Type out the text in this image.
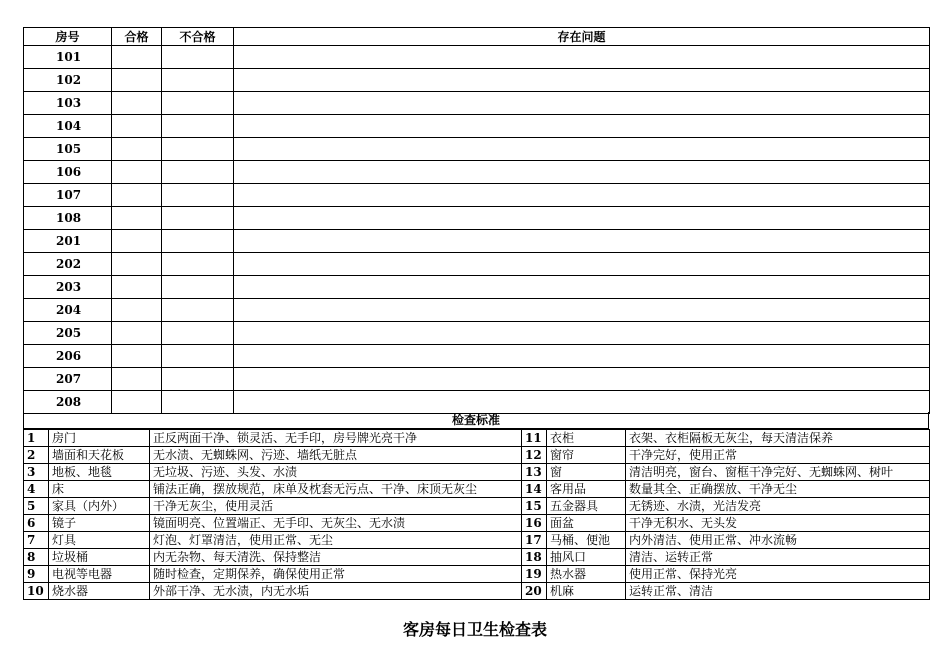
房号	合格	不合格	存在问题
101			
102			
103			
104			
105			
106			
107			
108			
201			
202			
203			
204			
205			
206			
207			
208			
检查标准
1	房门	正反两面干净、锁灵活、无手印，房号牌光亮干净	11	衣柜	衣架、衣柜隔板无灰尘，每天清洁保养
2	墙面和天花板	无水渍、无蜘蛛网、污迹、墙纸无脏点	12	窗帘	干净完好，使用正常
3	地板、地毯	无垃圾、污迹、头发、水渍	13	窗	清洁明亮，窗台、窗框干净完好、无蜘蛛网、树叶
4	床	铺法正确，摆放规范，床单及枕套无污点、干净、床顶无灰尘	14	客用品	数量其全、正确摆放、干净无尘
5	家具（内外）	干净无灰尘，使用灵活	15	五金器具	无锈迹、水渍，光洁发亮
6	镜子	镜面明亮、位置端正、无手印、无灰尘、无水渍	16	面盆	干净无积水、无头发
7	灯具	灯泡、灯罩清洁，使用正常、无尘	17	马桶、便池	内外清洁、使用正常、冲水流畅
8	垃圾桶	内无杂物、每天清洗、保持整洁	18	抽风口	清洁、运转正常
9	电视等电器	随时检查，定期保养，确保使用正常	19	热水器	使用正常、保持光亮
10	烧水器	外部干净、无水渍，内无水垢	20	机麻	运转正常、清洁
客房每日卫生检查表
